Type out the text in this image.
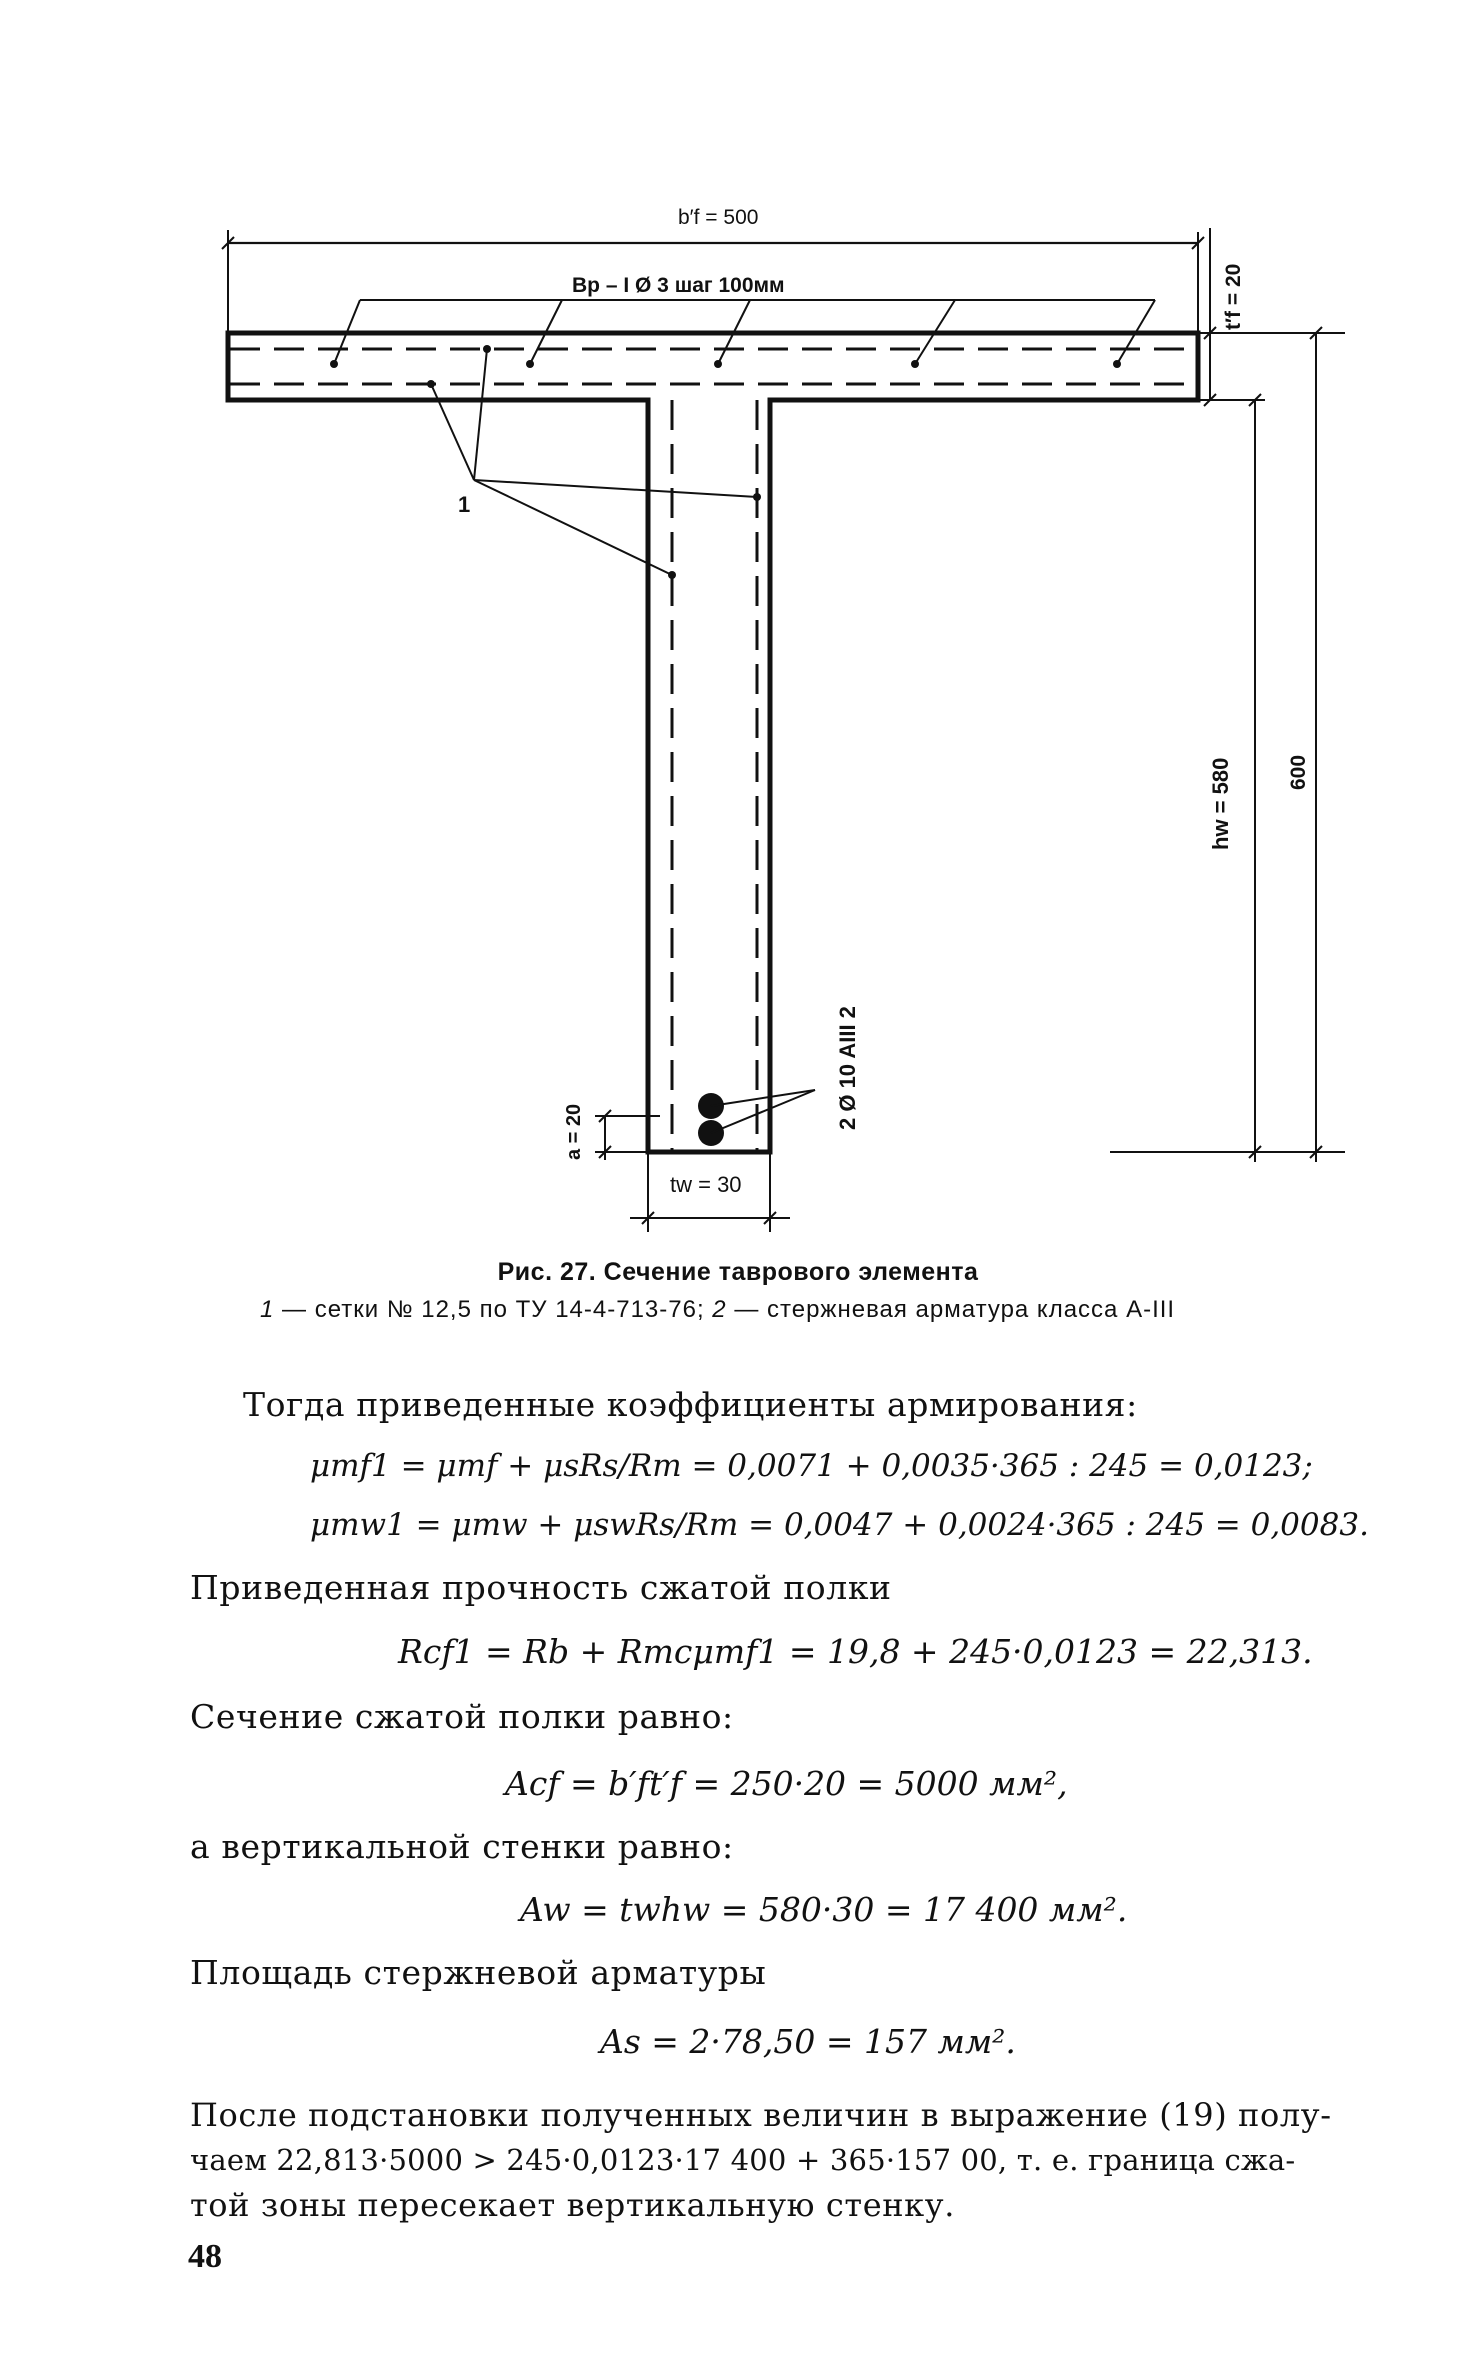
b′f = 500
Вр – I Ø 3 шаг 100мм
1
t′f = 20
hw = 580	600
2 Ø 10 AIII 2
a = 20
tw = 30
Рис. 27. Сечение таврового элемента
1 — сетки № 12,5 по ТУ 14-4-713-76; 2 — стержневая арматура класса А-III
Тогда приведенные коэффициенты армирования:
μmf1 = μmf + μsRs/Rm = 0,0071 + 0,0035·365 : 245 = 0,0123;
μmw1 = μmw + μswRs/Rm = 0,0047 + 0,0024·365 : 245 = 0,0083.
Приведенная прочность сжатой полки
Rcf1 = Rb + Rmcμmf1 = 19,8 + 245·0,0123 = 22,313.
Сечение сжатой полки равно:
Acf = b′ft′f = 250·20 = 5000 мм²,
а вертикальной стенки равно:
Aw = twhw = 580·30 = 17 400 мм².
Площадь стержневой арматуры
As = 2·78,50 = 157 мм².
После подстановки полученных величин в выражение (19) полу-
чаем 22,813·5000 > 245·0,0123·17 400 + 365·157 00, т. е. граница сжа-
той зоны пересекает вертикальную стенку.
48
